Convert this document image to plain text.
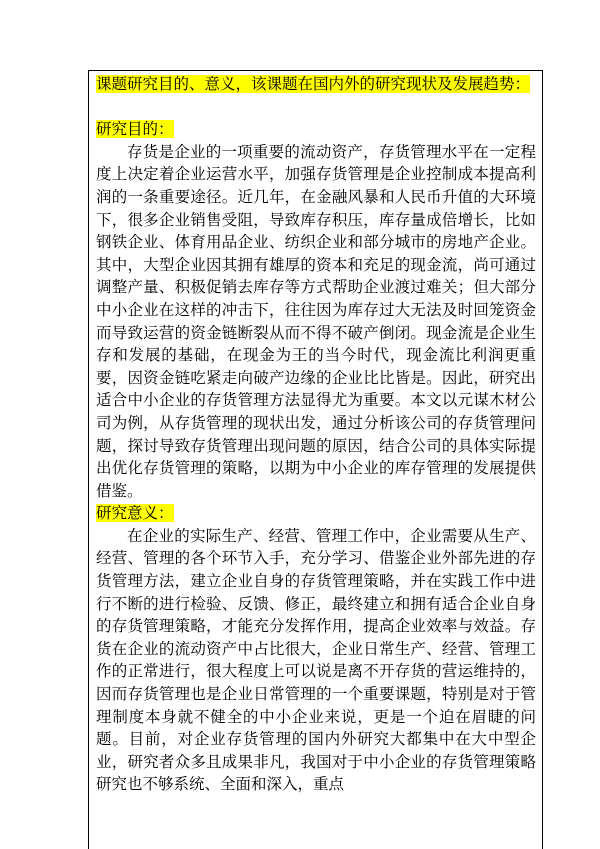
课题研究目的、意义，该课题在国内外的研究现状及发展趋势：
研究目的：

存货是企业的一项重要的流动资产，存货管理水平在一定程度上决定着企业运营水平，加强存货管理是企业控制成本提高利润的一条重要途径。近几年，在金融风暴和人民币升值的大环境下，很多企业销售受阻，导致库存积压，库存量成倍增长，比如钢铁企业、体育用品企业、纺织企业和部分城市的房地产企业。其中，大型企业因其拥有雄厚的资本和充足的现金流，尚可通过调整产量、积极促销去库存等方式帮助企业渡过难关；但大部分中小企业在这样的冲击下，往往因为库存过大无法及时回笼资金而导致运营的资金链断裂从而不得不破产倒闭。现金流是企业生存和发展的基础，在现金为王的当今时代，现金流比利润更重要，因资金链吃紧走向破产边缘的企业比比皆是。因此，研究出适合中小企业的存货管理方法显得尤为重要。本文以元谋木材公司为例，从存货管理的现状出发，通过分析该公司的存货管理问题，探讨导致存货管理出现问题的原因，结合公司的具体实际提出优化存货管理的策略，以期为中小企业的库存管理的发展提供借鉴。

研究意义：

在企业的实际生产、经营、管理工作中，企业需要从生产、经营、管理的各个环节入手，充分学习、借鉴企业外部先进的存货管理方法，建立企业自身的存货管理策略，并在实践工作中进行不断的进行检验、反馈、修正，最终建立和拥有适合企业自身的存货管理策略，才能充分发挥作用，提高企业效率与效益。存货在企业的流动资产中占比很大，企业日常生产、经营、管理工作的正常进行，很大程度上可以说是离不开存货的营运维持的，因而存货管理也是企业日常管理的一个重要课题，特别是对于管理制度本身就不健全的中小企业来说，更是一个迫在眉睫的问题。目前，对企业存货管理的国内外研究大都集中在大中型企业，研究者众多且成果非凡，我国对于中小企业的存货管理策略研究也不够系统、全面和深入，重点
